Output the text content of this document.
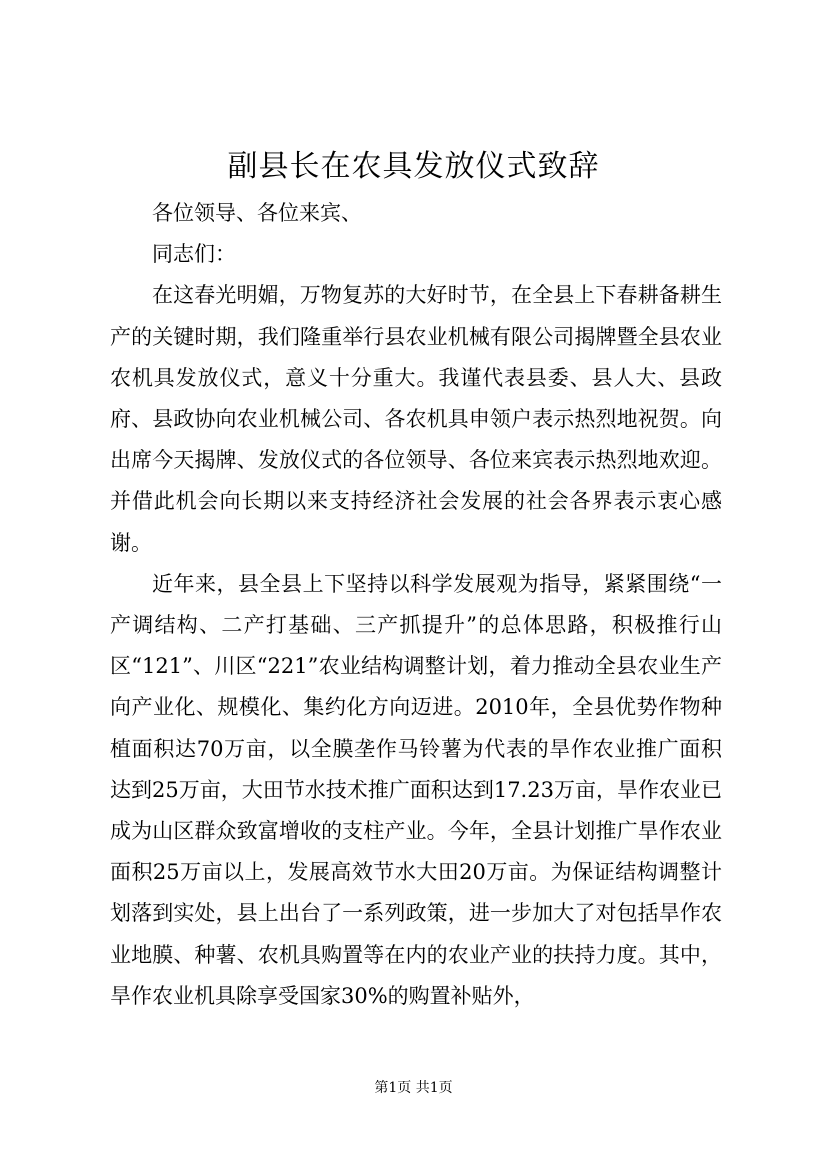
副县长在农具发放仪式致辞

各位领导、各位来宾、

同志们：

在这春光明媚，万物复苏的大好时节，在全县上下春耕备耕生产的关键时期，我们隆重举行县农业机械有限公司揭牌暨全县农业农机具发放仪式，意义十分重大。我谨代表县委、县人大、县政府、县政协向农业机械公司、各农机具申领户表示热烈地祝贺。向出席今天揭牌、发放仪式的各位领导、各位来宾表示热烈地欢迎。并借此机会向长期以来支持经济社会发展的社会各界表示衷心感谢。

近年来，县全县上下坚持以科学发展观为指导，紧紧围绕“一产调结构、二产打基础、三产抓提升”的总体思路，积极推行山区“121”、川区“221”农业结构调整计划，着力推动全县农业生产向产业化、规模化、集约化方向迈进。2010年，全县优势作物种植面积达70万亩，以全膜垄作马铃薯为代表的旱作农业推广面积达到25万亩，大田节水技术推广面积达到17.23万亩，旱作农业已成为山区群众致富增收的支柱产业。今年，全县计划推广旱作农业面积25万亩以上，发展高效节水大田20万亩。为保证结构调整计划落到实处，县上出台了一系列政策，进一步加大了对包括旱作农业地膜、种薯、农机具购置等在内的农业产业的扶持力度。其中，旱作农业机具除享受国家30%的购置补贴外，

第1页 共1页
